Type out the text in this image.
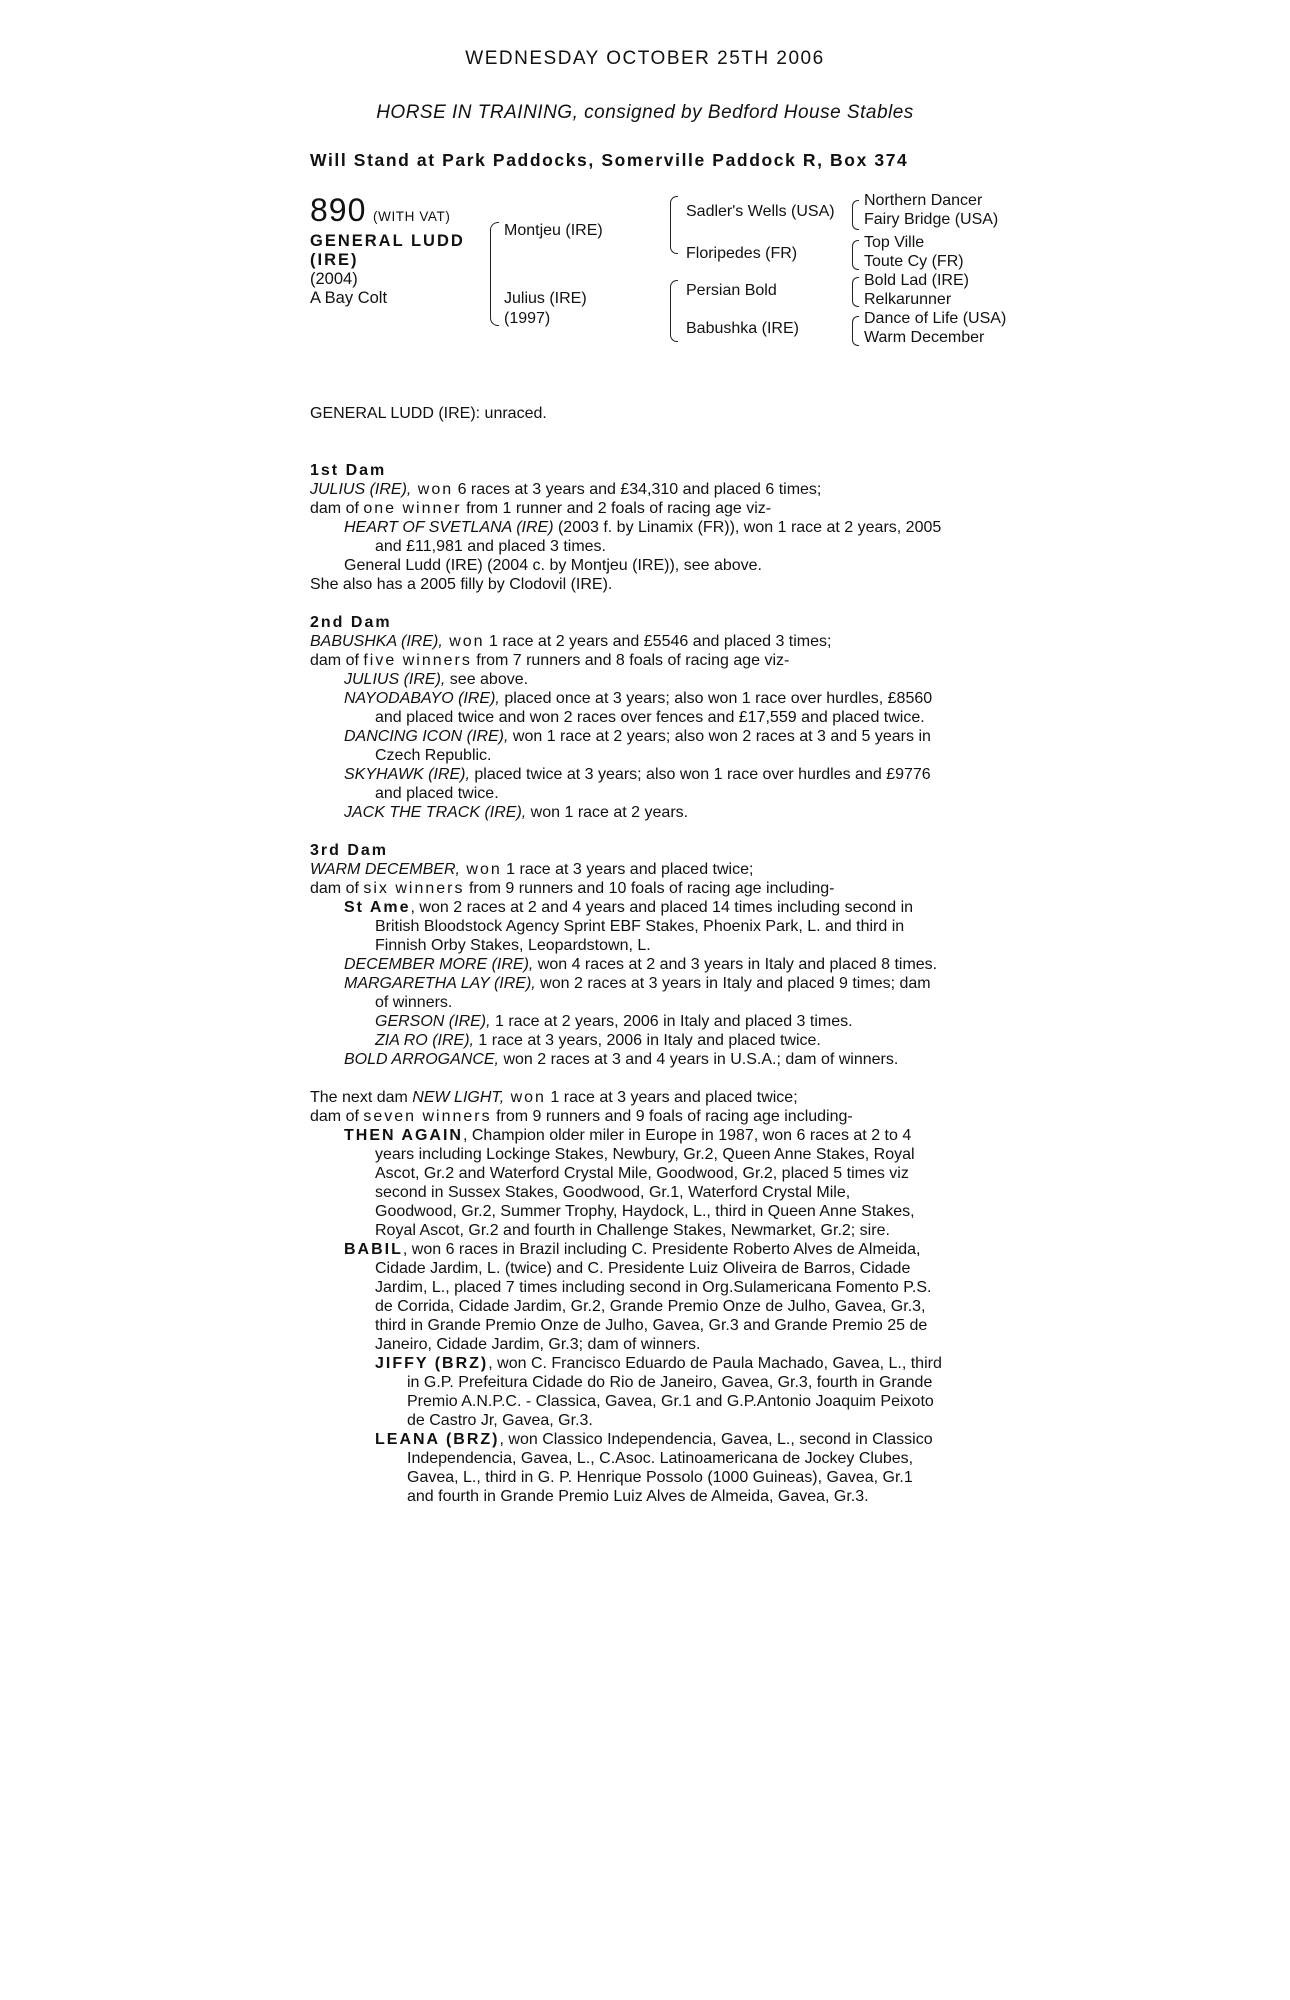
WEDNESDAY OCTOBER 25TH 2006
HORSE IN TRAINING, consigned by Bedford House Stables
Will Stand at Park Paddocks, Somerville Paddock R, Box 374
890 (WITH VAT)
GENERAL LUDD
(IRE)
(2004)
A Bay Colt
Montjeu (IRE)
Julius (IRE)
(1997)
Sadler's Wells (USA)
Floripedes (FR)
Persian Bold
Babushka (IRE)
Northern Dancer
Fairy Bridge (USA)
Top Ville
Toute Cy (FR)
Bold Lad (IRE)
Relkarunner
Dance of Life (USA)
Warm December
GENERAL LUDD (IRE): unraced.
1st Dam
JULIUS (IRE), won 6 races at 3 years and £34,310 and placed 6 times;
dam of one winner from 1 runner and 2 foals of racing age viz-
HEART OF SVETLANA (IRE) (2003 f. by Linamix (FR)), won 1 race at 2 years, 2005
and £11,981 and placed 3 times.
General Ludd (IRE) (2004 c. by Montjeu (IRE)), see above.
She also has a 2005 filly by Clodovil (IRE).
2nd Dam
BABUSHKA (IRE), won 1 race at 2 years and £5546 and placed 3 times;
dam of five winners from 7 runners and 8 foals of racing age viz-
JULIUS (IRE), see above.
NAYODABAYO (IRE), placed once at 3 years; also won 1 race over hurdles, £8560
and placed twice and won 2 races over fences and £17,559 and placed twice.
DANCING ICON (IRE), won 1 race at 2 years; also won 2 races at 3 and 5 years in
Czech Republic.
SKYHAWK (IRE), placed twice at 3 years; also won 1 race over hurdles and £9776
and placed twice.
JACK THE TRACK (IRE), won 1 race at 2 years.
3rd Dam
WARM DECEMBER, won 1 race at 3 years and placed twice;
dam of six winners from 9 runners and 10 foals of racing age including-
St Ame, won 2 races at 2 and 4 years and placed 14 times including second in
British Bloodstock Agency Sprint EBF Stakes, Phoenix Park, L. and third in
Finnish Orby Stakes, Leopardstown, L.
DECEMBER MORE (IRE), won 4 races at 2 and 3 years in Italy and placed 8 times.
MARGARETHA LAY (IRE), won 2 races at 3 years in Italy and placed 9 times; dam
of winners.
GERSON (IRE), 1 race at 2 years, 2006 in Italy and placed 3 times.
ZIA RO (IRE), 1 race at 3 years, 2006 in Italy and placed twice.
BOLD ARROGANCE, won 2 races at 3 and 4 years in U.S.A.; dam of winners.
The next dam NEW LIGHT, won 1 race at 3 years and placed twice;
dam of seven winners from 9 runners and 9 foals of racing age including-
THEN AGAIN, Champion older miler in Europe in 1987, won 6 races at 2 to 4
years including Lockinge Stakes, Newbury, Gr.2, Queen Anne Stakes, Royal
Ascot, Gr.2 and Waterford Crystal Mile, Goodwood, Gr.2, placed 5 times viz
second in Sussex Stakes, Goodwood, Gr.1, Waterford Crystal Mile,
Goodwood, Gr.2, Summer Trophy, Haydock, L., third in Queen Anne Stakes,
Royal Ascot, Gr.2 and fourth in Challenge Stakes, Newmarket, Gr.2; sire.
BABIL, won 6 races in Brazil including C. Presidente Roberto Alves de Almeida,
Cidade Jardim, L. (twice) and C. Presidente Luiz Oliveira de Barros, Cidade
Jardim, L., placed 7 times including second in Org.Sulamericana Fomento P.S.
de Corrida, Cidade Jardim, Gr.2, Grande Premio Onze de Julho, Gavea, Gr.3,
third in Grande Premio Onze de Julho, Gavea, Gr.3 and Grande Premio 25 de
Janeiro, Cidade Jardim, Gr.3; dam of winners.
JIFFY (BRZ), won C. Francisco Eduardo de Paula Machado, Gavea, L., third
in G.P. Prefeitura Cidade do Rio de Janeiro, Gavea, Gr.3, fourth in Grande
Premio A.N.P.C. - Classica, Gavea, Gr.1 and G.P.Antonio Joaquim Peixoto
de Castro Jr, Gavea, Gr.3.
LEANA (BRZ), won Classico Independencia, Gavea, L., second in Classico
Independencia, Gavea, L., C.Asoc. Latinoamericana de Jockey Clubes,
Gavea, L., third in G. P. Henrique Possolo (1000 Guineas), Gavea, Gr.1
and fourth in Grande Premio Luiz Alves de Almeida, Gavea, Gr.3.
